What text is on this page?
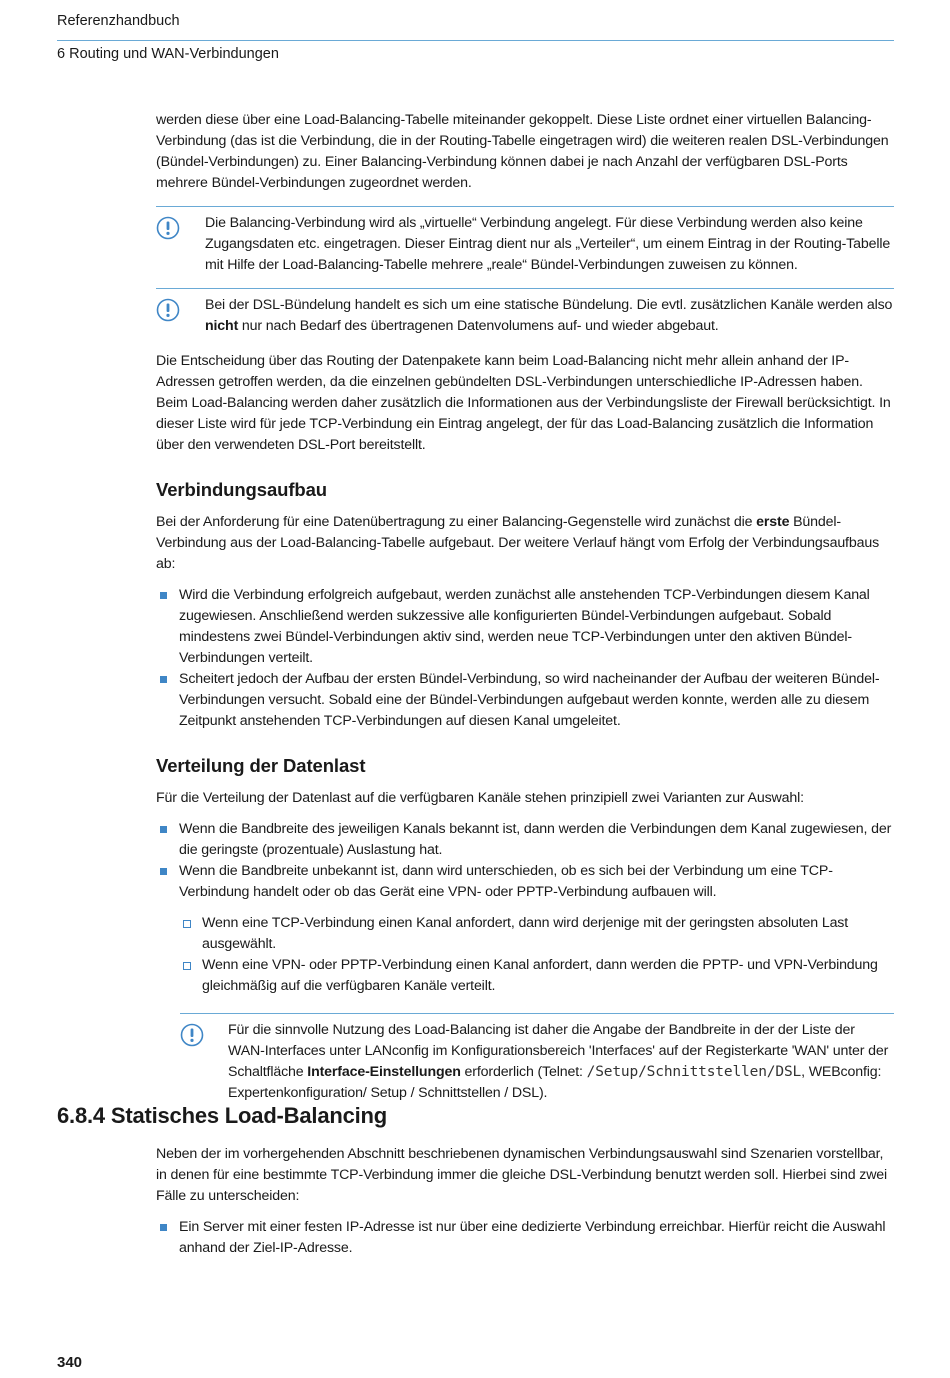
Referenzhandbuch
6 Routing und WAN-Verbindungen

werden diese über eine Load-Balancing-Tabelle miteinander gekoppelt. Diese Liste ordnet einer virtuellen Balancing-Verbindung (das ist die Verbindung, die in der Routing-Tabelle eingetragen wird) die weiteren realen DSL-Verbindungen (Bündel-Verbindungen) zu. Einer Balancing-Verbindung können dabei je nach Anzahl der verfügbaren DSL-Ports mehrere Bündel-Verbindungen zugeordnet werden.

Die Balancing-Verbindung wird als „virtuelle“ Verbindung angelegt. Für diese Verbindung werden also keine Zugangsdaten etc. eingetragen. Dieser Eintrag dient nur als „Verteiler“, um einem Eintrag in der Routing-Tabelle mit Hilfe der Load-Balancing-Tabelle mehrere „reale“ Bündel-Verbindungen zuweisen zu können.

Bei der DSL-Bündelung handelt es sich um eine statische Bündelung. Die evtl. zusätzlichen Kanäle werden also nicht nur nach Bedarf des übertragenen Datenvolumens auf- und wieder abgebaut.

Die Entscheidung über das Routing der Datenpakete kann beim Load-Balancing nicht mehr allein anhand der IP-Adressen getroffen werden, da die einzelnen gebündelten DSL-Verbindungen unterschiedliche IP-Adressen haben. Beim Load-Balancing werden daher zusätzlich die Informationen aus der Verbindungsliste der Firewall berücksichtigt. In dieser Liste wird für jede TCP-Verbindung ein Eintrag angelegt, der für das Load-Balancing zusätzlich die Information über den verwendeten DSL-Port bereitstellt.

Verbindungsaufbau

Bei der Anforderung für eine Datenübertragung zu einer Balancing-Gegenstelle wird zunächst die erste Bündel-Verbindung aus der Load-Balancing-Tabelle aufgebaut. Der weitere Verlauf hängt vom Erfolg der Verbindungsaufbaus ab:

Wird die Verbindung erfolgreich aufgebaut, werden zunächst alle anstehenden TCP-Verbindungen diesem Kanal zugewiesen. Anschließend werden sukzessive alle konfigurierten Bündel-Verbindungen aufgebaut. Sobald mindestens zwei Bündel-Verbindungen aktiv sind, werden neue TCP-Verbindungen unter den aktiven Bündel-Verbindungen verteilt.
Scheitert jedoch der Aufbau der ersten Bündel-Verbindung, so wird nacheinander der Aufbau der weiteren Bündel-Verbindungen versucht. Sobald eine der Bündel-Verbindungen aufgebaut werden konnte, werden alle zu diesem Zeitpunkt anstehenden TCP-Verbindungen auf diesen Kanal umgeleitet.
Verteilung der Datenlast

Für die Verteilung der Datenlast auf die verfügbaren Kanäle stehen prinzipiell zwei Varianten zur Auswahl:

Wenn die Bandbreite des jeweiligen Kanals bekannt ist, dann werden die Verbindungen dem Kanal zugewiesen, der die geringste (prozentuale) Auslastung hat.
Wenn die Bandbreite unbekannt ist, dann wird unterschieden, ob es sich bei der Verbindung um eine TCP-Verbindung handelt oder ob das Gerät eine VPN- oder PPTP-Verbindung aufbauen will.
Wenn eine TCP-Verbindung einen Kanal anfordert, dann wird derjenige mit der geringsten absoluten Last ausgewählt.
Wenn eine VPN- oder PPTP-Verbindung einen Kanal anfordert, dann werden die PPTP- und VPN-Verbindung gleichmäßig auf die verfügbaren Kanäle verteilt.

Für die sinnvolle Nutzung des Load-Balancing ist daher die Angabe der Bandbreite in der der Liste der WAN-Interfaces unter LANconfig im Konfigurationsbereich 'Interfaces' auf der Registerkarte 'WAN' unter der Schaltfläche Interface-Einstellungen erforderlich (Telnet: /Setup/Schnittstellen/DSL, WEBconfig: Expertenkonfiguration/ Setup / Schnittstellen / DSL).

6.8.4 Statisches Load-Balancing

Neben der im vorhergehenden Abschnitt beschriebenen dynamischen Verbindungsauswahl sind Szenarien vorstellbar, in denen für eine bestimmte TCP-Verbindung immer die gleiche DSL-Verbindung benutzt werden soll. Hierbei sind zwei Fälle zu unterscheiden:

Ein Server mit einer festen IP-Adresse ist nur über eine dedizierte Verbindung erreichbar. Hierfür reicht die Auswahl anhand der Ziel-IP-Adresse.
340
